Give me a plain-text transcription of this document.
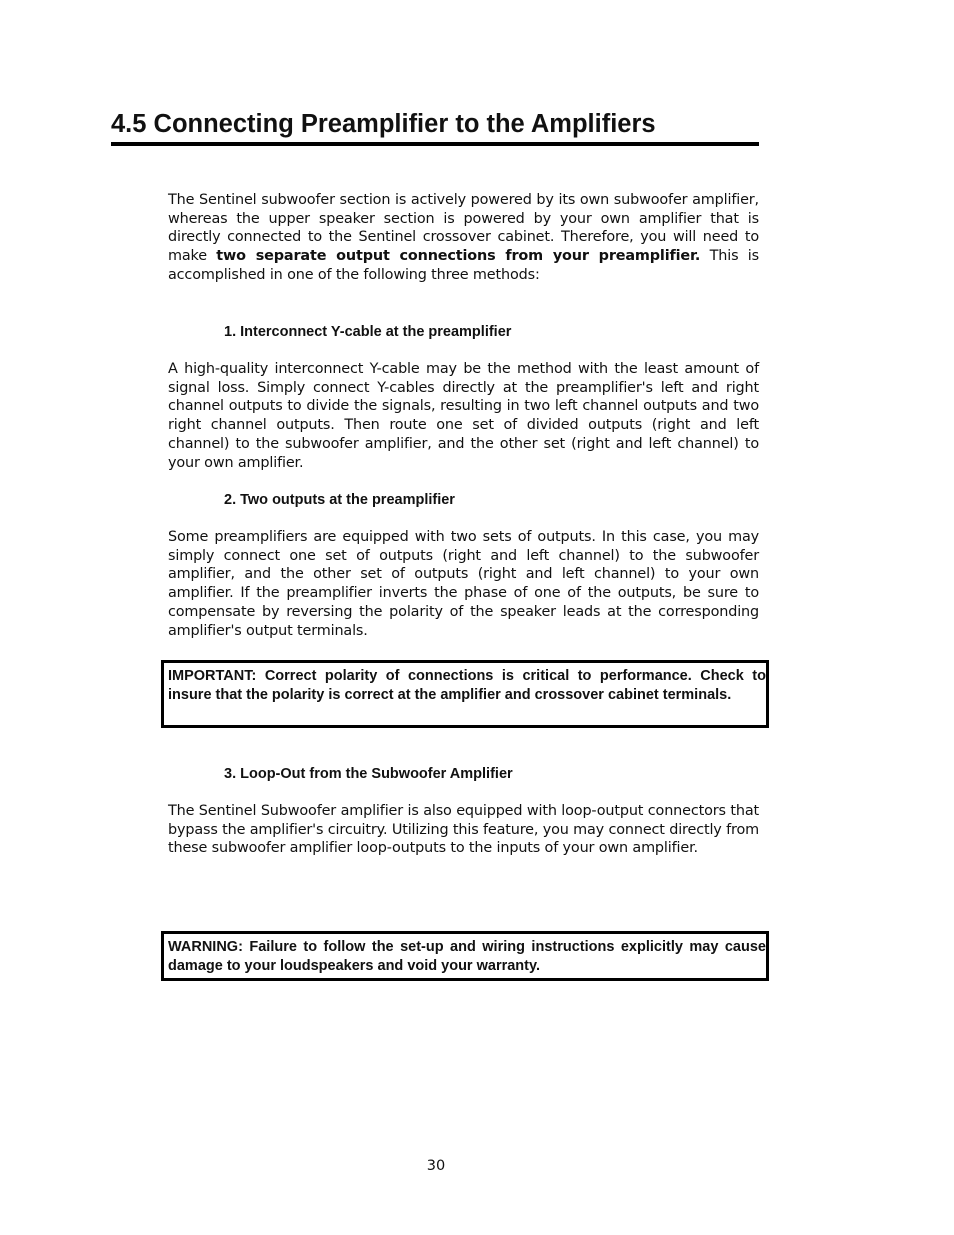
4.5 Connecting Preamplifier to the Amplifiers

The Sentinel subwoofer section is actively powered by its own subwoofer amplifier, whereas the upper speaker section is powered by your own amplifier that is directly connected to the Sentinel crossover cabinet. Therefore, you will need to make two separate output connections from your preamplifier. This is accomplished in one of the following three methods:

1. Interconnect Y-cable at the preamplifier

A high-quality interconnect Y-cable may be the method with the least amount of signal loss. Simply connect Y-cables directly at the preamplifier's left and right channel outputs to divide the signals, resulting in two left channel outputs and two right channel outputs. Then route one set of divided outputs (right and left channel) to the subwoofer amplifier, and the other set (right and left channel) to your own amplifier.

2. Two outputs at the preamplifier

Some preamplifiers are equipped with two sets of outputs. In this case, you may simply connect one set of outputs (right and left channel) to the subwoofer amplifier, and the other set of outputs (right and left channel) to your own amplifier. If the preamplifier inverts the phase of one of the outputs, be sure to compensate by reversing the polarity of the speaker leads at the corresponding amplifier's output terminals.

IMPORTANT: Correct polarity of connections is critical to performance. Check to insure that the polarity is correct at the amplifier and crossover cabinet terminals.
3. Loop-Out from the Subwoofer Amplifier

The Sentinel Subwoofer amplifier is also equipped with loop-output connectors that bypass the amplifier's circuitry. Utilizing this feature, you may connect directly from these subwoofer amplifier loop-outputs to the inputs of your own amplifier.

WARNING: Failure to follow the set-up and wiring instructions explicitly may cause damage to your loudspeakers and void your warranty.
30
